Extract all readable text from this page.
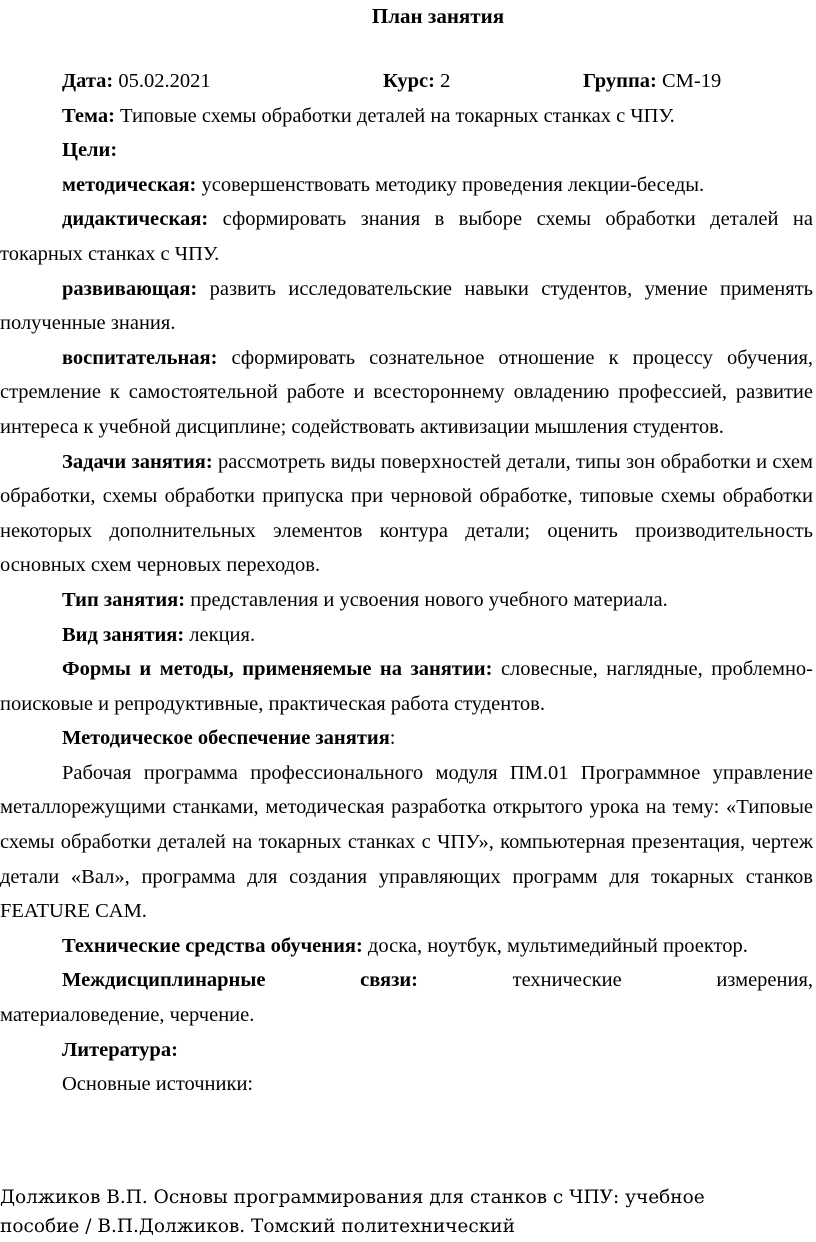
План занятия
Дата: 05.02.2021	Курс: 2	Группа: СМ-19

Тема: Типовые схемы обработки деталей на токарных станках с ЧПУ.

Цели:

методическая: усовершенствовать методику проведения лекции-беседы.

дидактическая: сформировать знания в выборе схемы обработки деталей на токарных станках с ЧПУ.

развивающая: развить исследовательские навыки студентов, умение применять полученные знания.

воспитательная: сформировать сознательное отношение к процессу обучения, стремление к самостоятельной работе и всестороннему овладению профессией, развитие интереса к учебной дисциплине; содействовать активизации мышления студентов.

Задачи занятия: рассмотреть виды поверхностей детали, типы зон обработки и схем обработки, схемы обработки припуска при черновой обработке, типовые схемы обработки некоторых дополнительных элементов контура детали; оценить производительность основных схем черновых переходов.

Тип занятия: представления и усвоения нового учебного материала.

Вид занятия: лекция.

Формы и методы, применяемые на занятии: словесные, наглядные, проблемно-поисковые и репродуктивные, практическая работа студентов.

Методическое обеспечение занятия:

Рабочая программа профессионального модуля ПМ.01 Программное управление металлорежущими станками, методическая разработка открытого урока на тему: «Типовые схемы обработки деталей на токарных станках с ЧПУ», компьютерная презентация, чертеж детали «Вал», программа для создания управляющих программ для токарных станков FEATURE CAM.

Технические средства обучения: доска, ноутбук, мультимедийный проектор.

Междисциплинарные	связи:	технические	измерения,

материаловедение, черчение.

Литература:

Основные источники:

Должиков В.П. Основы программирования для станков с ЧПУ: учебное

пособие / В.П.Должиков. Томский политехнический
